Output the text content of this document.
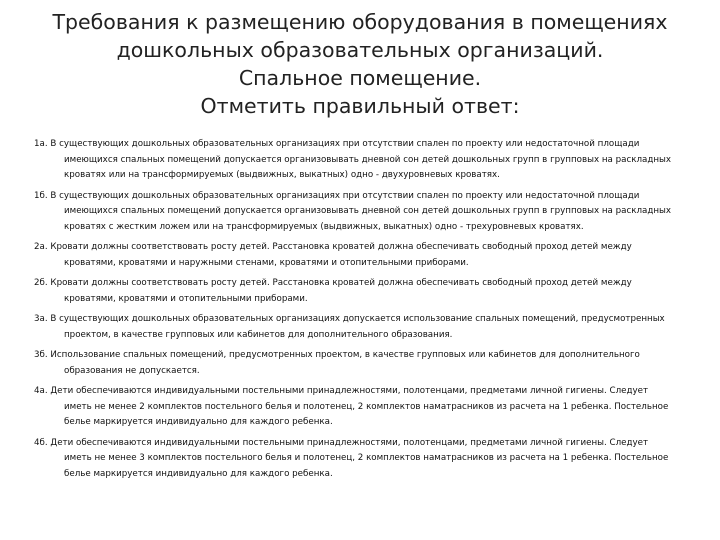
Требования к размещению оборудования в помещениях
дошкольных образовательных организаций.
Спальное помещение.
Отметить правильный ответ:

1а. В существующих дошкольных образовательных организациях при отсутствии спален по проекту или недостаточной площади имеющихся спальных помещений допускается организовывать дневной сон детей дошкольных групп в групповых на раскладных кроватях или на трансформируемых (выдвижных, выкатных) одно - двухуровневых кроватях.

1б. В существующих дошкольных образовательных организациях при отсутствии спален по проекту или недостаточной площади имеющихся спальных помещений допускается организовывать дневной сон детей дошкольных групп в групповых на раскладных кроватях с жестким ложем или на трансформируемых (выдвижных, выкатных) одно - трехуровневых кроватях.

2а. Кровати должны соответствовать росту детей. Расстановка кроватей должна обеспечивать свободный проход детей между кроватями, кроватями и наружными стенами, кроватями и отопительными приборами.

2б. Кровати должны соответствовать росту детей. Расстановка кроватей должна обеспечивать свободный проход детей между кроватями, кроватями и отопительными приборами.

3а. В существующих дошкольных образовательных организациях допускается использование спальных помещений, предусмотренных проектом, в качестве групповых или кабинетов для дополнительного образования.

3б. Использование спальных помещений, предусмотренных проектом, в качестве групповых или кабинетов для дополнительного образования не допускается.

4а. Дети обеспечиваются индивидуальными постельными принадлежностями, полотенцами, предметами личной гигиены. Следует иметь не менее 2 комплектов постельного белья и полотенец, 2 комплектов наматрасников из расчета на 1 ребенка. Постельное белье маркируется индивидуально для каждого ребенка.

4б. Дети обеспечиваются индивидуальными постельными принадлежностями, полотенцами, предметами личной гигиены. Следует иметь не менее 3 комплектов постельного белья и полотенец, 2 комплектов наматрасников из расчета на 1 ребенка. Постельное белье маркируется индивидуально для каждого ребенка.
